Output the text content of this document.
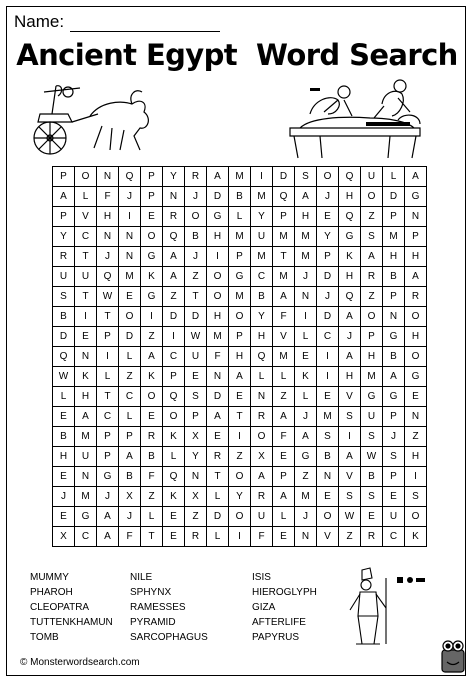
Name:
Ancient Egypt  Word Search
P	O	N	Q	P	Y	R	A	M	I	D	S	O	Q	U	L	A
A	L	F	J	P	N	J	D	B	M	Q	A	J	H	O	D	G
P	V	H	I	E	R	O	G	L	Y	P	H	E	Q	Z	P	N
Y	C	N	N	O	Q	B	H	M	U	M	M	Y	G	S	M	P
R	T	J	N	G	A	J	I	P	M	T	M	P	K	A	H	H
U	U	Q	M	K	A	Z	O	G	C	M	J	D	H	R	B	A
S	T	W	E	G	Z	T	O	M	B	A	N	J	Q	Z	P	R
B	I	T	O	I	D	D	H	O	Y	F	I	D	A	O	N	O
D	E	P	D	Z	I	W	M	P	H	V	L	C	J	P	G	H
Q	N	I	L	A	C	U	F	H	Q	M	E	I	A	H	B	O
W	K	L	Z	K	P	E	N	A	L	L	K	I	H	M	A	G
L	H	T	C	O	Q	S	D	E	N	Z	L	E	V	G	G	E
E	A	C	L	E	O	P	A	T	R	A	J	M	S	U	P	N
B	M	P	P	R	K	X	E	I	O	F	A	S	I	S	J	Z
H	U	P	A	B	L	Y	R	Z	X	E	G	B	A	W	S	H
E	N	G	B	F	Q	N	T	O	A	P	Z	N	V	B	P	I
J	M	J	X	Z	K	X	L	Y	R	A	M	E	S	S	E	S
E	G	A	J	L	E	Z	D	O	U	L	J	O	W	E	U	O
X	C	A	F	T	E	R	L	I	F	E	N	V	Z	R	C	K
MUMMY
PHAROH
CLEOPATRA
TUTTENKHAMUN
TOMB
NILE
SPHYNX
RAMESSES
PYRAMID
SARCOPHAGUS
ISIS
HIEROGLYPH
GIZA
AFTERLIFE
PAPYRUS
© Monsterwordsearch.com
